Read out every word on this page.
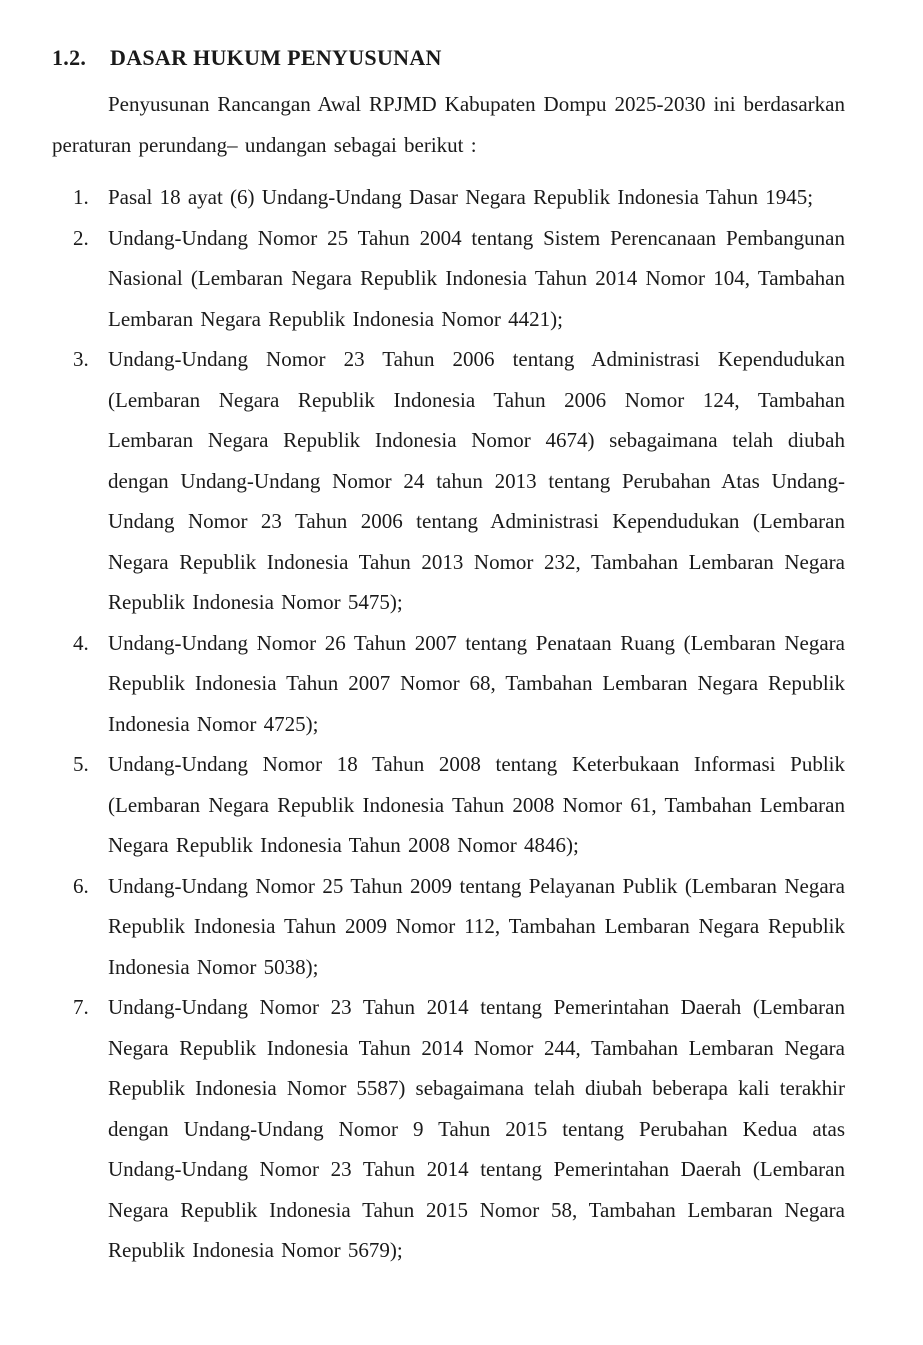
1.2.	DASAR HUKUM PENYUSUNAN

Penyusunan Rancangan Awal RPJMD Kabupaten Dompu 2025-2030 ini berdasarkan peraturan perundang– undangan sebagai berikut :

1. Pasal 18 ayat (6) Undang-Undang Dasar Negara Republik Indonesia Tahun 1945;
2. Undang-Undang Nomor 25 Tahun 2004 tentang Sistem Perencanaan Pembangunan Nasional (Lembaran Negara Republik Indonesia Tahun 2014 Nomor 104, Tambahan Lembaran Negara Republik Indonesia Nomor 4421);
3. Undang-Undang Nomor 23 Tahun 2006 tentang Administrasi Kependudukan (Lembaran Negara Republik Indonesia Tahun 2006 Nomor 124, Tambahan Lembaran Negara Republik Indonesia Nomor 4674) sebagaimana telah diubah dengan Undang-Undang Nomor 24 tahun 2013 tentang Perubahan Atas Undang-Undang Nomor 23 Tahun 2006 tentang Administrasi Kependudukan (Lembaran Negara Republik Indonesia Tahun 2013 Nomor 232, Tambahan Lembaran Negara Republik Indonesia Nomor 5475);
4. Undang-Undang Nomor 26 Tahun 2007 tentang Penataan Ruang (Lembaran Negara Republik Indonesia Tahun 2007 Nomor 68, Tambahan Lembaran Negara Republik Indonesia Nomor 4725);
5. Undang-Undang Nomor 18 Tahun 2008 tentang Keterbukaan Informasi Publik (Lembaran Negara Republik Indonesia Tahun 2008 Nomor 61, Tambahan Lembaran Negara Republik Indonesia Tahun 2008 Nomor 4846);
6. Undang-Undang Nomor 25 Tahun 2009 tentang Pelayanan Publik (Lembaran Negara Republik Indonesia Tahun 2009 Nomor 112, Tambahan Lembaran Negara Republik Indonesia Nomor 5038);
7. Undang-Undang Nomor 23 Tahun 2014 tentang Pemerintahan Daerah (Lembaran Negara Republik Indonesia Tahun 2014 Nomor 244, Tambahan Lembaran Negara Republik Indonesia Nomor 5587) sebagaimana telah diubah beberapa kali terakhir dengan Undang-Undang Nomor 9 Tahun 2015 tentang Perubahan Kedua atas Undang-Undang Nomor 23 Tahun 2014 tentang Pemerintahan Daerah (Lembaran Negara Republik Indonesia Tahun 2015 Nomor 58, Tambahan Lembaran Negara Republik Indonesia Nomor 5679);
